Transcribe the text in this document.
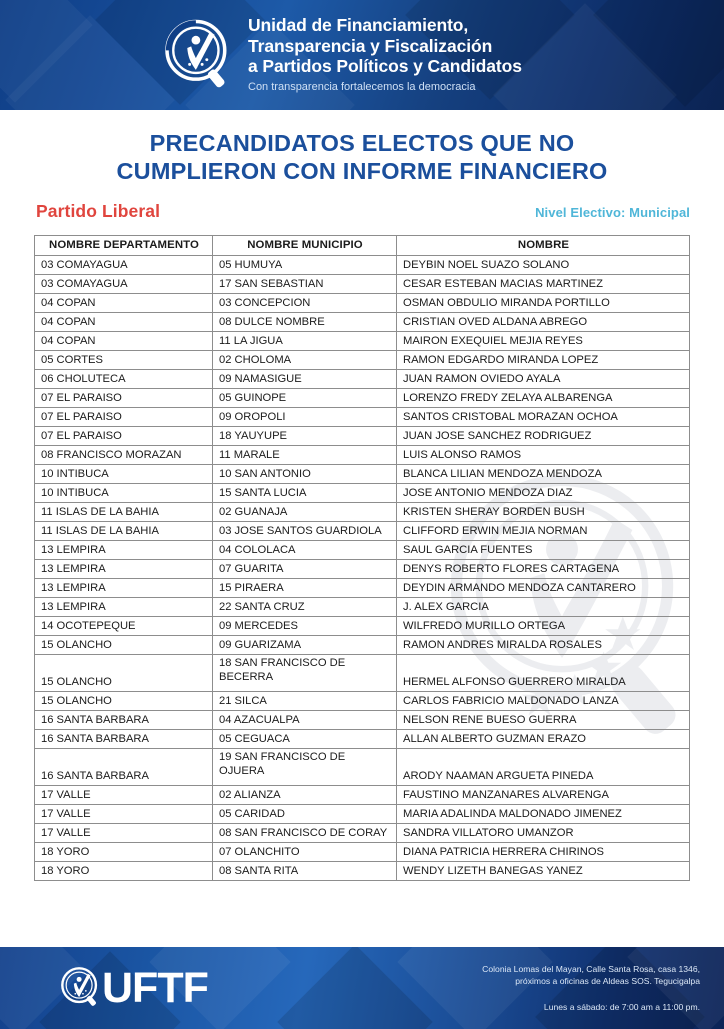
Unidad de Financiamiento,
Transparencia y Fiscalización
a Partidos Políticos y Candidatos
Con transparencia fortalecemos la democracia
PRECANDIDATOS ELECTOS QUE NO
CUMPLIERON CON INFORME FINANCIERO
Partido Liberal	Nivel Electivo: Municipal
NOMBRE DEPARTAMENTO	NOMBRE MUNICIPIO	NOMBRE
03 COMAYAGUA	05 HUMUYA	DEYBIN NOEL SUAZO SOLANO
03 COMAYAGUA	17 SAN SEBASTIAN	CESAR ESTEBAN MACIAS MARTINEZ
04 COPAN	03 CONCEPCION	OSMAN OBDULIO MIRANDA PORTILLO
04 COPAN	08 DULCE NOMBRE	CRISTIAN OVED ALDANA ABREGO
04 COPAN	11 LA JIGUA	MAIRON EXEQUIEL MEJIA REYES
05 CORTES	02 CHOLOMA	RAMON EDGARDO MIRANDA LOPEZ
06 CHOLUTECA	09 NAMASIGUE	JUAN RAMON OVIEDO AYALA
07 EL PARAISO	05 GUINOPE	LORENZO FREDY ZELAYA ALBARENGA
07 EL PARAISO	09 OROPOLI	SANTOS CRISTOBAL MORAZAN OCHOA
07 EL PARAISO	18 YAUYUPE	JUAN JOSE SANCHEZ RODRIGUEZ
08 FRANCISCO MORAZAN	11 MARALE	LUIS ALONSO RAMOS
10 INTIBUCA	10 SAN ANTONIO	BLANCA LILIAN MENDOZA MENDOZA
10 INTIBUCA	15 SANTA LUCIA	JOSE ANTONIO MENDOZA DIAZ
11 ISLAS DE LA BAHIA	02 GUANAJA	KRISTEN SHERAY BORDEN BUSH
11 ISLAS DE LA BAHIA	03 JOSE SANTOS GUARDIOLA	CLIFFORD ERWIN MEJIA NORMAN
13 LEMPIRA	04 COLOLACA	SAUL GARCIA FUENTES
13 LEMPIRA	07 GUARITA	DENYS ROBERTO FLORES CARTAGENA
13 LEMPIRA	15 PIRAERA	DEYDIN ARMANDO MENDOZA CANTARERO
13 LEMPIRA	22 SANTA CRUZ	J. ALEX GARCIA
14 OCOTEPEQUE	09 MERCEDES	WILFREDO MURILLO ORTEGA
15 OLANCHO	09 GUARIZAMA	RAMON ANDRES MIRALDA ROSALES
15 OLANCHO	18 SAN FRANCISCO DE BECERRA	HERMEL ALFONSO GUERRERO MIRALDA
15 OLANCHO	21 SILCA	CARLOS FABRICIO MALDONADO LANZA
16 SANTA BARBARA	04 AZACUALPA	NELSON RENE BUESO GUERRA
16 SANTA BARBARA	05 CEGUACA	ALLAN ALBERTO GUZMAN ERAZO
16 SANTA BARBARA	19 SAN FRANCISCO DE OJUERA	ARODY NAAMAN ARGUETA PINEDA
17 VALLE	02 ALIANZA	FAUSTINO MANZANARES ALVARENGA
17 VALLE	05 CARIDAD	MARIA ADALINDA MALDONADO JIMENEZ
17 VALLE	08 SAN FRANCISCO DE CORAY	SANDRA VILLATORO UMANZOR
18 YORO	07 OLANCHITO	DIANA PATRICIA HERRERA CHIRINOS
18 YORO	08 SANTA RITA	WENDY LIZETH BANEGAS YANEZ
UFTF	Colonia Lomas del Mayan, Calle Santa Rosa, casa 1346,
próximos a oficinas de Aldeas SOS. Tegucigalpa
Lunes a sábado: de 7:00 am a 11:00 pm.
